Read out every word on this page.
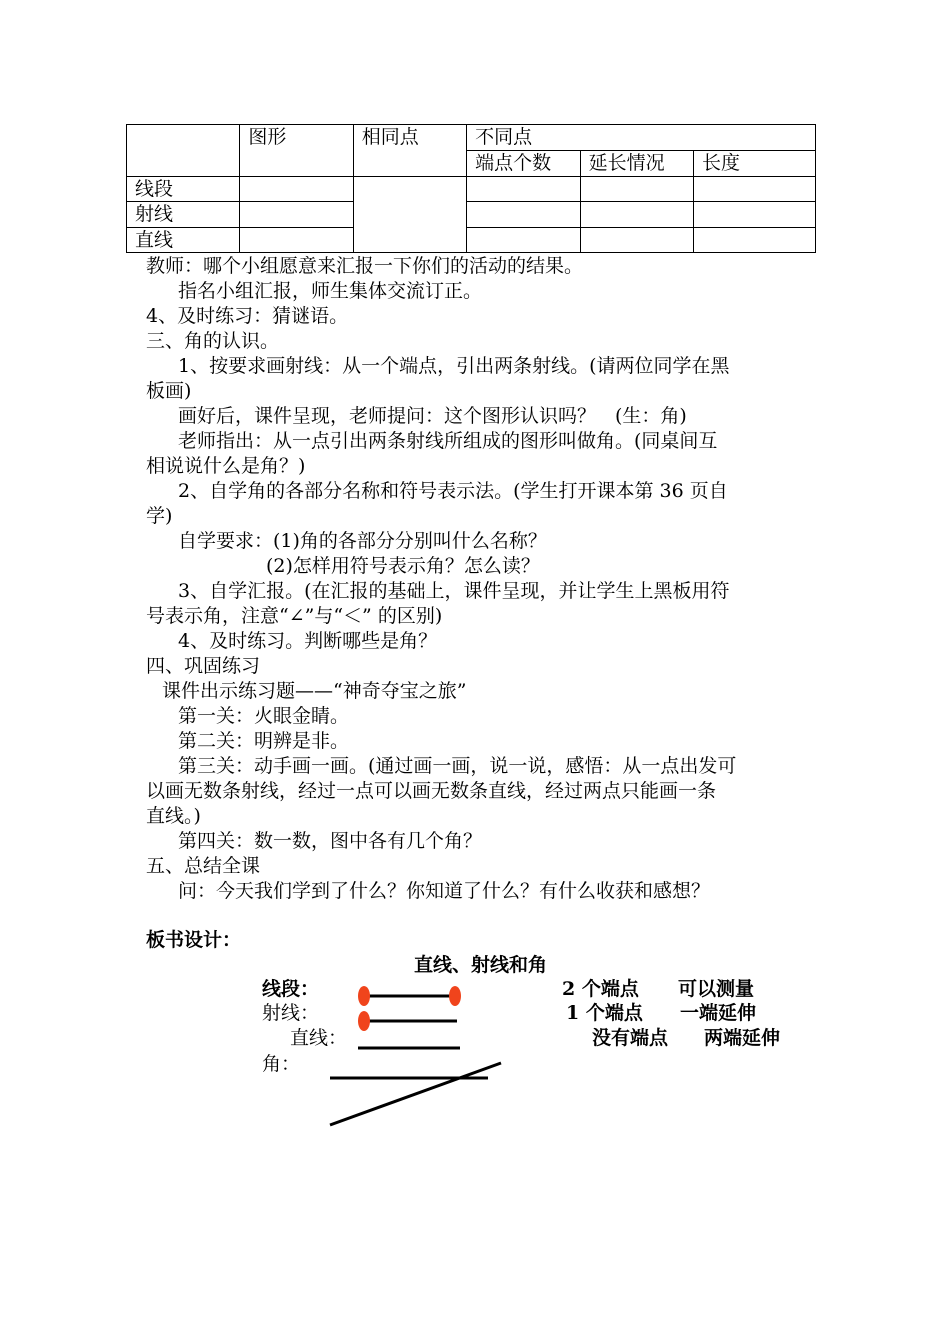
	图形	相同点	不同点		
			端点个数	延长情况	长度
线段					
射线					
直线					

教师：哪个小组愿意来汇报一下你们的活动的结果。

指名小组汇报，师生集体交流订正。

4、及时练习：猜谜语。

三、角的认识。

1、按要求画射线：从一个端点，引出两条射线。(请两位同学在黑

板画)

画好后，课件呈现，老师提问：这个图形认识吗？　(生：角)

老师指出：从一点引出两条射线所组成的图形叫做角。(同桌间互

相说说什么是角？)

2、自学角的各部分名称和符号表示法。(学生打开课本第 36 页自

学)

自学要求：(1)角的各部分分别叫什么名称？

(2)怎样用符号表示角？怎么读？

3、自学汇报。(在汇报的基础上，课件呈现，并让学生上黑板用符

号表示角，注意“∠”与“＜” 的区别)

4、及时练习。判断哪些是角？

四、巩固练习

课件出示练习题——“神奇夺宝之旅”

第一关：火眼金睛。

第二关：明辨是非。

第三关：动手画一画。(通过画一画，说一说，感悟：从一点出发可

以画无数条射线，经过一点可以画无数条直线，经过两点只能画一条

直线。)

第四关：数一数，图中各有几个角？

五、总结全课

问：今天我们学到了什么？你知道了什么？有什么收获和感想？

板书设计：
直线、射线和角
线段：
射线：
直线：
角：
2 个端点 可以测量
1 个端点 一端延伸
没有端点 两端延伸
